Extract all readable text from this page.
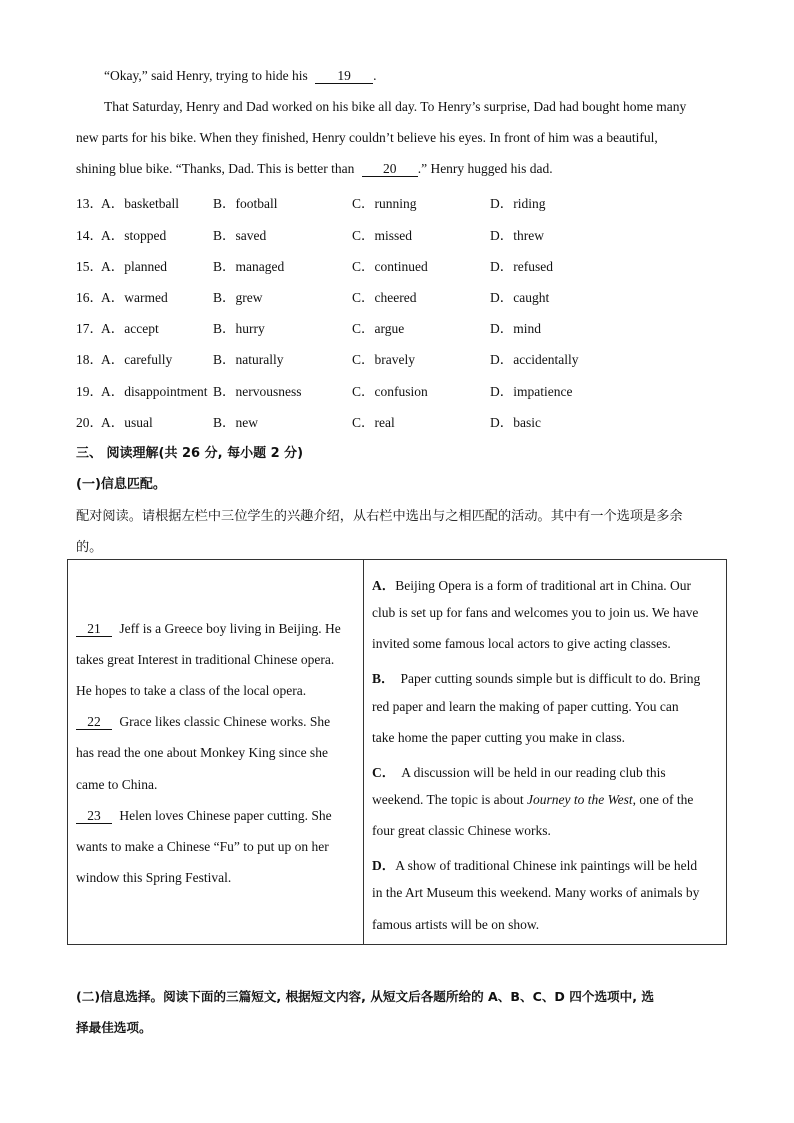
“Okay,” said Henry, trying to hide his 19 .
That Saturday, Henry and Dad worked on his bike all day. To Henry’s surprise, Dad had bought home many
new parts for his bike. When they finished, Henry couldn’t believe his eyes. In front of him was a beautiful,
shining blue bike. “Thanks, Dad. This is better than 20 .” Henry hugged his dad.
13．
A．basketball	B．football	C．running	D．riding
14．
A．stopped	B．saved	C．missed	D．threw
15．
A．planned	B．managed	C．continued	D．refused
16．
A．warmed	B．grew	C．cheered	D．caught
17．
A．accept	B．hurry	C．argue	D．mind
18．
A．carefully	B．naturally	C．bravely	D．accidentally
19．
A．disappointment B．nervousness	C．confusion	D．impatience
20．
A．usual	B．new	C．real	D．basic
三、 阅读理解(共 26 分, 每小题 2 分)
(一)信息匹配。
配对阅读。请根据左栏中三位学生的兴趣介绍，从右栏中选出与之相匹配的活动。其中有一个选项是多余
的。
21 Jeff is a Greece boy living in Beijing. He
takes great Interest in traditional Chinese opera.
He hopes to take a class of the local opera.
22 Grace likes classic Chinese works. She
has read the one about Monkey King since she
came to China.
23 Helen loves Chinese paper cutting. She
wants to make a Chinese “Fu” to put up on her
window this Spring Festival.

A．Beijing Opera is a form of traditional art in China. Our
club is set up for fans and welcomes you to join us. We have
invited some famous local actors to give acting classes.
B． Paper cutting sounds simple but is difficult to do. Bring
red paper and learn the making of paper cutting. You can
take home the paper cutting you make in class.
C． A discussion will be held in our reading club this
weekend. The topic is about Journey to the West, one of the
four great classic Chinese works.
D．A show of traditional Chinese ink paintings will be held
in the Art Museum this weekend. Many works of animals by
famous artists will be on show.
(二)信息选择。阅读下面的三篇短文, 根据短文内容, 从短文后各题所给的 A、B、C、D 四个选项中, 选
择最佳选项。
